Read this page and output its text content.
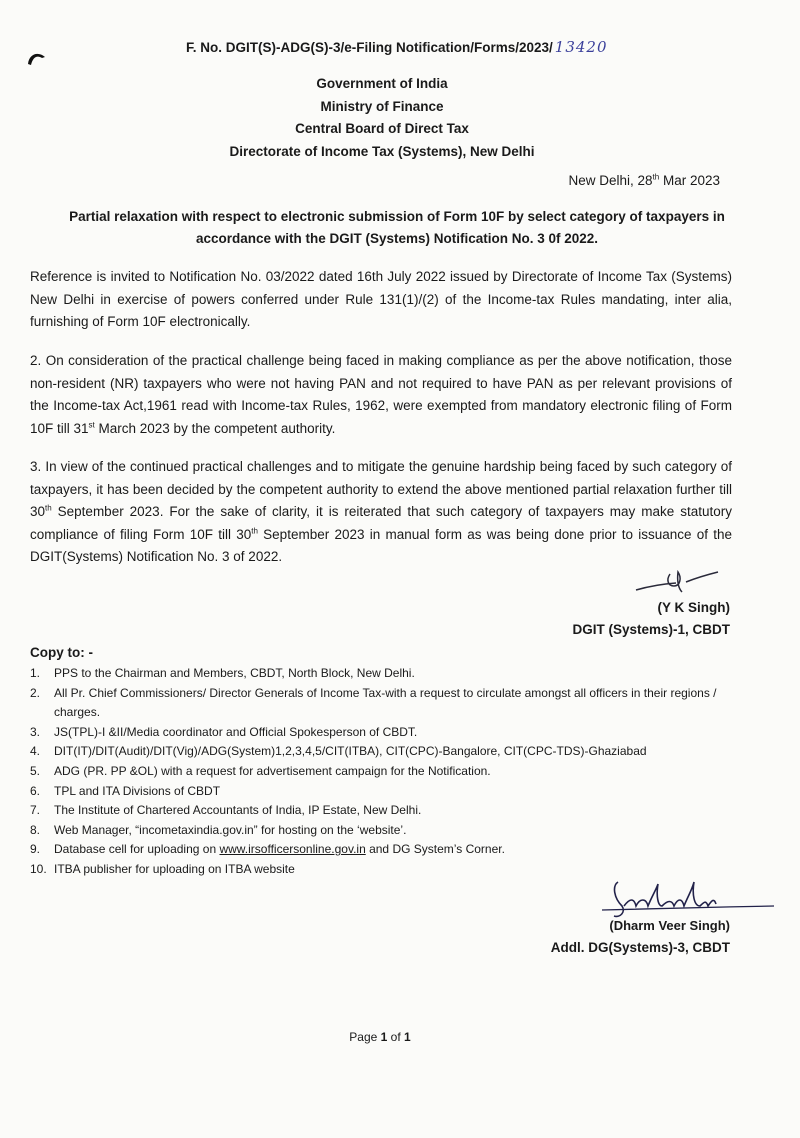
F. No. DGIT(S)-ADG(S)-3/e-Filing Notification/Forms/2023/ 13420
Government of India
Ministry of Finance
Central Board of Direct Tax
Directorate of Income Tax (Systems), New Delhi
New Delhi, 28th Mar 2023
Partial relaxation with respect to electronic submission of Form 10F by select category of taxpayers in accordance with the DGIT (Systems) Notification No. 3 0f 2022.
Reference is invited to Notification No. 03/2022 dated 16th July 2022 issued by Directorate of Income Tax (Systems) New Delhi in exercise of powers conferred under Rule 131(1)/(2) of the Income-tax Rules mandating, inter alia, furnishing of Form 10F electronically.
2. On consideration of the practical challenge being faced in making compliance as per the above notification, those non-resident (NR) taxpayers who were not having PAN and not required to have PAN as per relevant provisions of the Income-tax Act,1961 read with Income-tax Rules, 1962, were exempted from mandatory electronic filing of Form 10F till 31st March 2023 by the competent authority.
3. In view of the continued practical challenges and to mitigate the genuine hardship being faced by such category of taxpayers, it has been decided by the competent authority to extend the above mentioned partial relaxation further till 30th September 2023. For the sake of clarity, it is reiterated that such category of taxpayers may make statutory compliance of filing Form 10F till 30th September 2023 in manual form as was being done prior to issuance of the DGIT(Systems) Notification No. 3 of 2022.
(Y K Singh)
DGIT (Systems)-1, CBDT
Copy to: -
1. PPS to the Chairman and Members, CBDT, North Block, New Delhi.
2. All Pr. Chief Commissioners/ Director Generals of Income Tax-with a request to circulate amongst all officers in their regions / charges.
3. JS(TPL)-I &II/Media coordinator and Official Spokesperson of CBDT.
4. DIT(IT)/DIT(Audit)/DIT(Vig)/ADG(System)1,2,3,4,5/CIT(ITBA), CIT(CPC)-Bangalore, CIT(CPC-TDS)-Ghaziabad
5. ADG (PR. PP &OL) with a request for advertisement campaign for the Notification.
6. TPL and ITA Divisions of CBDT
7. The Institute of Chartered Accountants of India, IP Estate, New Delhi.
8. Web Manager, “incometaxindia.gov.in” for hosting on the ‘website’.
9. Database cell for uploading on www.irsofficersonline.gov.in and DG System’s Corner.
10. ITBA publisher for uploading on ITBA website
(Dharm Veer Singh)
Addl. DG(Systems)-3, CBDT
Page 1 of 1
